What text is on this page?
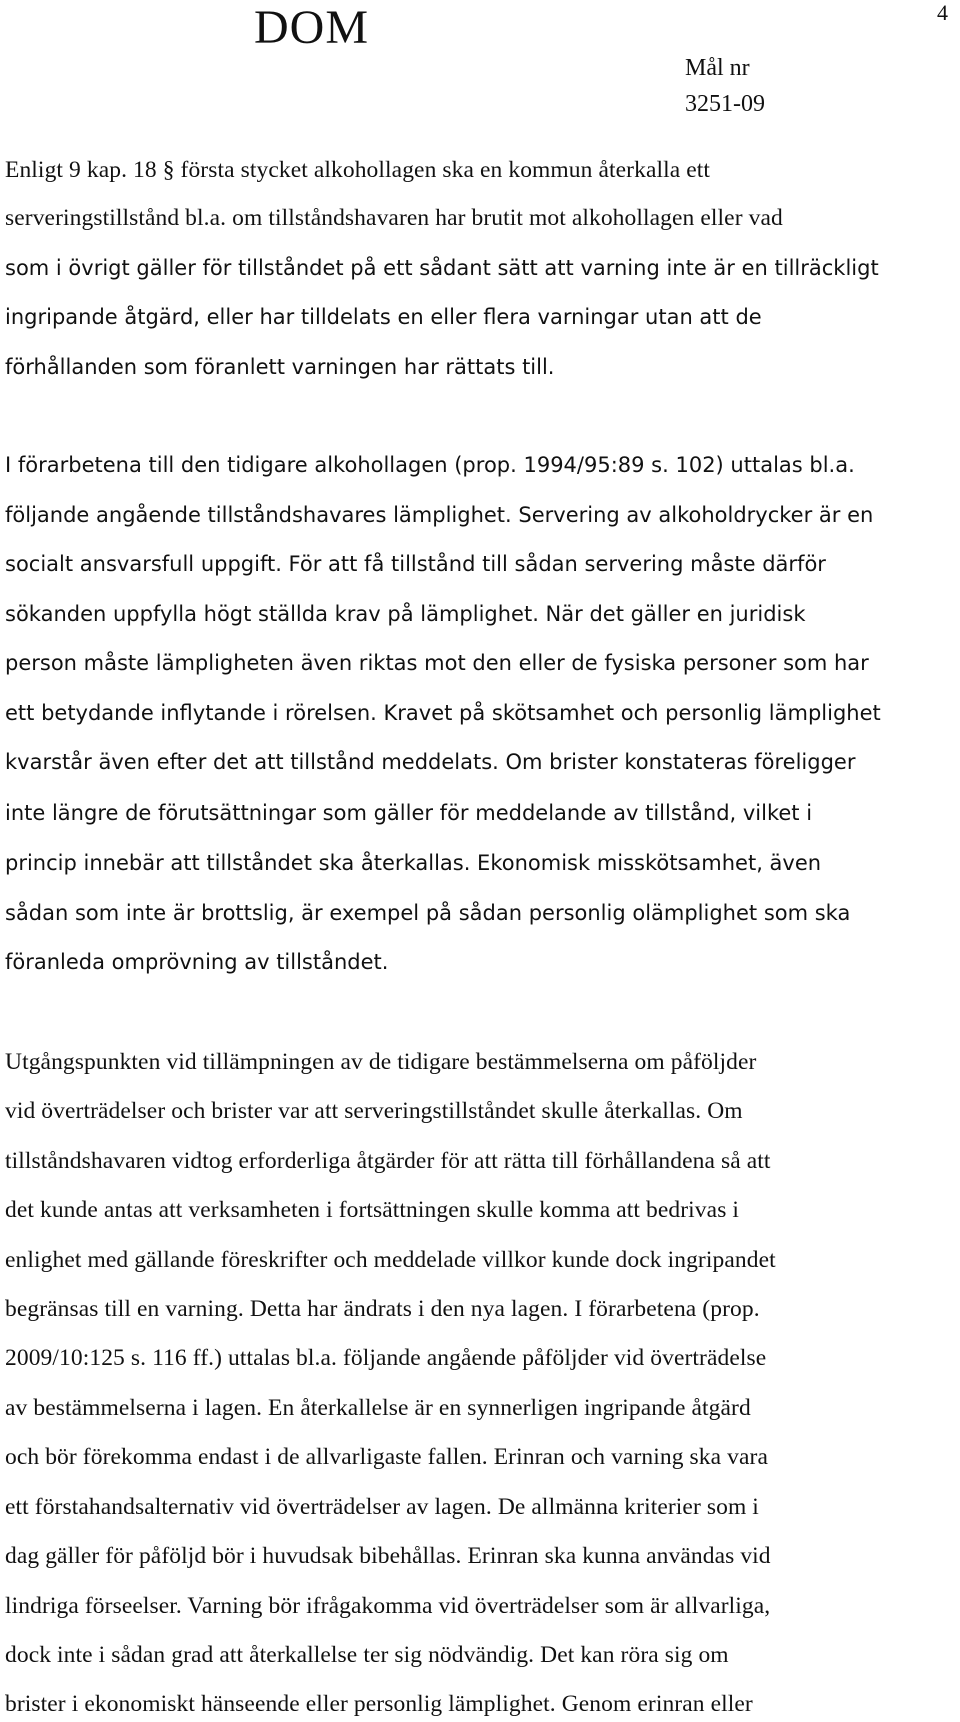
DOM	4
Mål nr
3251-09
Enligt 9 kap. 18 § första stycket alkohollagen ska en kommun återkalla ett
serveringstillstånd bl.a. om tillståndshavaren har brutit mot alkohollagen eller vad
som i övrigt gäller för tillståndet på ett sådant sätt att varning inte är en tillräckligt
ingripande åtgärd, eller har tilldelats en eller flera varningar utan att de
förhållanden som föranlett varningen har rättats till.
I förarbetena till den tidigare alkohollagen (prop. 1994/95:89 s. 102) uttalas bl.a.
följande angående tillståndshavares lämplighet. Servering av alkoholdrycker är en
socialt ansvarsfull uppgift. För att få tillstånd till sådan servering måste därför
sökanden uppfylla högt ställda krav på lämplighet. När det gäller en juridisk
person måste lämpligheten även riktas mot den eller de fysiska personer som har
ett betydande inflytande i rörelsen. Kravet på skötsamhet och personlig lämplighet
kvarstår även efter det att tillstånd meddelats. Om brister konstateras föreligger
inte längre de förutsättningar som gäller för meddelande av tillstånd, vilket i
princip innebär att tillståndet ska återkallas. Ekonomisk misskötsamhet, även
sådan som inte är brottslig, är exempel på sådan personlig olämplighet som ska
föranleda omprövning av tillståndet.
Utgångspunkten vid tillämpningen av de tidigare bestämmelserna om påföljder
vid överträdelser och brister var att serveringstillståndet skulle återkallas. Om
tillståndshavaren vidtog erforderliga åtgärder för att rätta till förhållandena så att
det kunde antas att verksamheten i fortsättningen skulle komma att bedrivas i
enlighet med gällande föreskrifter och meddelade villkor kunde dock ingripandet
begränsas till en varning. Detta har ändrats i den nya lagen. I förarbetena (prop.
2009/10:125 s. 116 ff.) uttalas bl.a. följande angående påföljder vid överträdelse
av bestämmelserna i lagen. En återkallelse är en synnerligen ingripande åtgärd
och bör förekomma endast i de allvarligaste fallen. Erinran och varning ska vara
ett förstahandsalternativ vid överträdelser av lagen. De allmänna kriterier som i
dag gäller för påföljd bör i huvudsak bibehållas. Erinran ska kunna användas vid
lindriga förseelser. Varning bör ifrågakomma vid överträdelser som är allvarliga,
dock inte i sådan grad att återkallelse ter sig nödvändig. Det kan röra sig om
brister i ekonomiskt hänseende eller personlig lämplighet. Genom erinran eller
